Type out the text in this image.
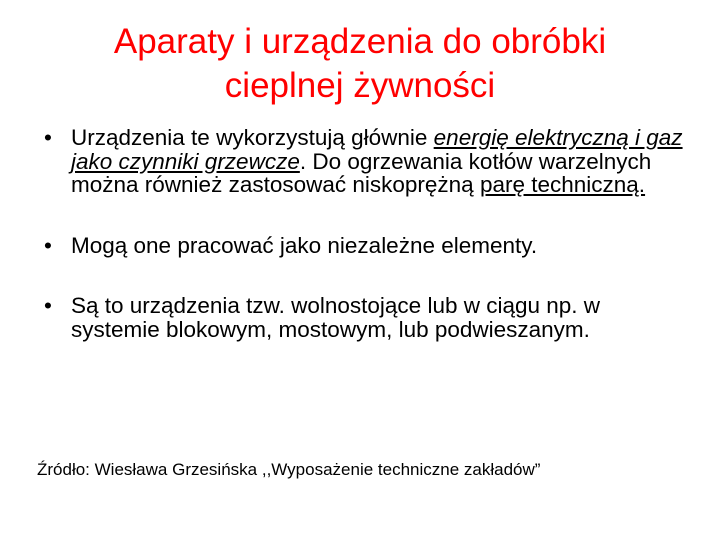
Aparaty i urządzenia do obróbki
cieplnej żywności
• Urządzenia te wykorzystują głównie energię elektryczną i gaz jako czynniki grzewcze. Do ogrzewania kotłów warzelnych można również zastosować niskoprężną parę techniczną.
• Mogą one pracować jako niezależne elementy.
• Są to urządzenia tzw. wolnostojące lub w ciągu np. w systemie blokowym, mostowym, lub podwieszanym.
Źródło: Wiesława Grzesińska ,,Wyposażenie techniczne zakładów”
